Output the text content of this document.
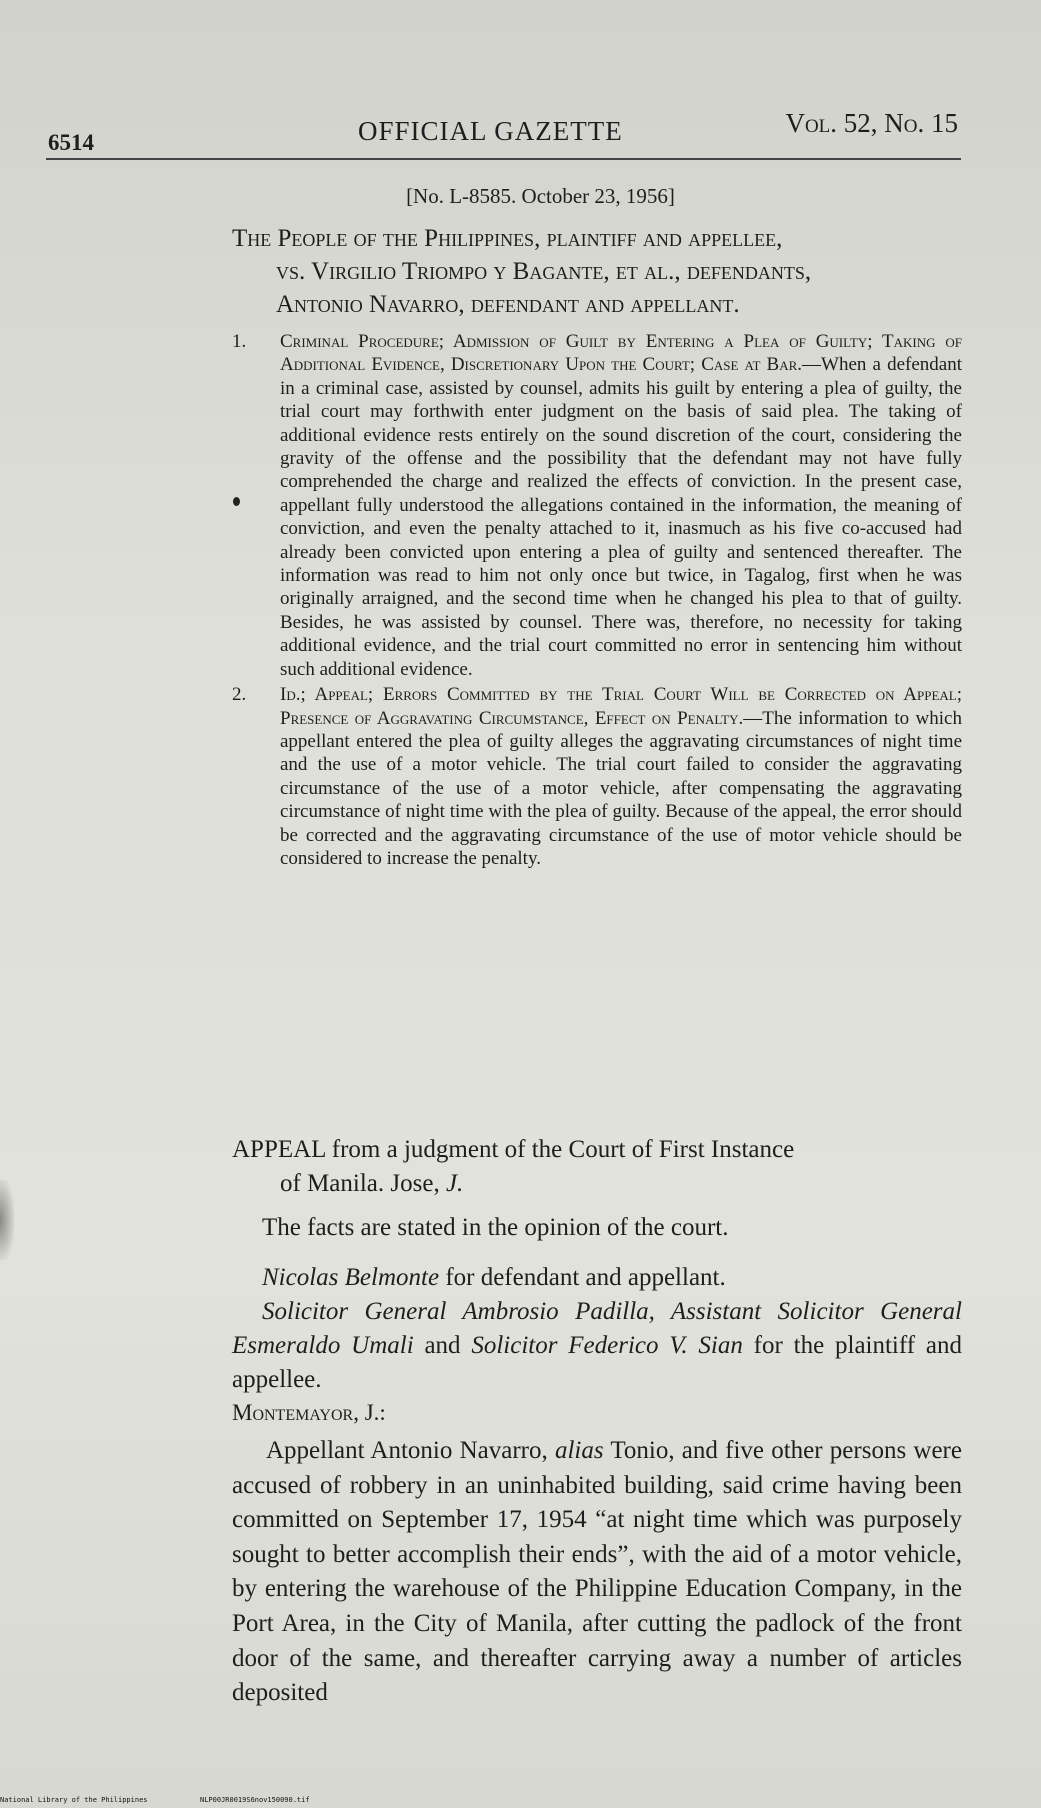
6514	OFFICIAL GAZETTE	Vol. 52, No. 15
[No. L-8585. October 23, 1956]

The People of the Philippines, plaintiff and appellee,

vs. Virgilio Triompo y Bagante, et al., defendants,

Antonio Navarro, defendant and appellant.

1. Criminal Procedure; Admission of Guilt by Entering a Plea of Guilty; Taking of Additional Evidence, Discretionary Upon the Court; Case at Bar.—When a defendant in a criminal case, assisted by counsel, admits his guilt by entering a plea of guilty, the trial court may forthwith enter judgment on the basis of said plea. The taking of additional evidence rests entirely on the sound discretion of the court, considering the gravity of the offense and the possibility that the defendant may not have fully comprehended the charge and realized the effects of conviction. In the present case, appellant fully understood the allegations contained in the information, the meaning of conviction, and even the penalty attached to it, inasmuch as his five co-accused had already been convicted upon entering a plea of guilty and sentenced thereafter. The information was read to him not only once but twice, in Tagalog, first when he was originally arraigned, and the second time when he changed his plea to that of guilty. Besides, he was assisted by counsel. There was, therefore, no necessity for taking additional evidence, and the trial court committed no error in sentencing him without such additional evidence.
2. Id.; Appeal; Errors Committed by the Trial Court Will be Corrected on Appeal; Presence of Aggravating Circumstance, Effect on Penalty.—The information to which appellant entered the plea of guilty alleges the aggravating circumstances of night time and the use of a motor vehicle. The trial court failed to consider the aggravating circumstance of the use of a motor vehicle, after compensating the aggravating circumstance of night time with the plea of guilty. Because of the appeal, the error should be corrected and the aggravating circumstance of the use of motor vehicle should be considered to increase the penalty.
APPEAL from a judgment of the Court of First Instance
of Manila. Jose, J.
The facts are stated in the opinion of the court.

Nicolas Belmonte for defendant and appellant.

Solicitor General Ambrosio Padilla, Assistant Solicitor General Esmeraldo Umali and Solicitor Federico V. Sian for the plaintiff and appellee.

Montemayor, J.:

Appellant Antonio Navarro, alias Tonio, and five other persons were accused of robbery in an uninhabited building, said crime having been committed on September 17, 1954 “at night time which was purposely sought to better accomplish their ends”, with the aid of a motor vehicle, by entering the warehouse of the Philippine Education Company, in the Port Area, in the City of Manila, after cutting the padlock of the front door of the same, and thereafter carrying away a number of articles deposited

National Library of the Philippines	NLP00JR0019S6nov150090.tif
